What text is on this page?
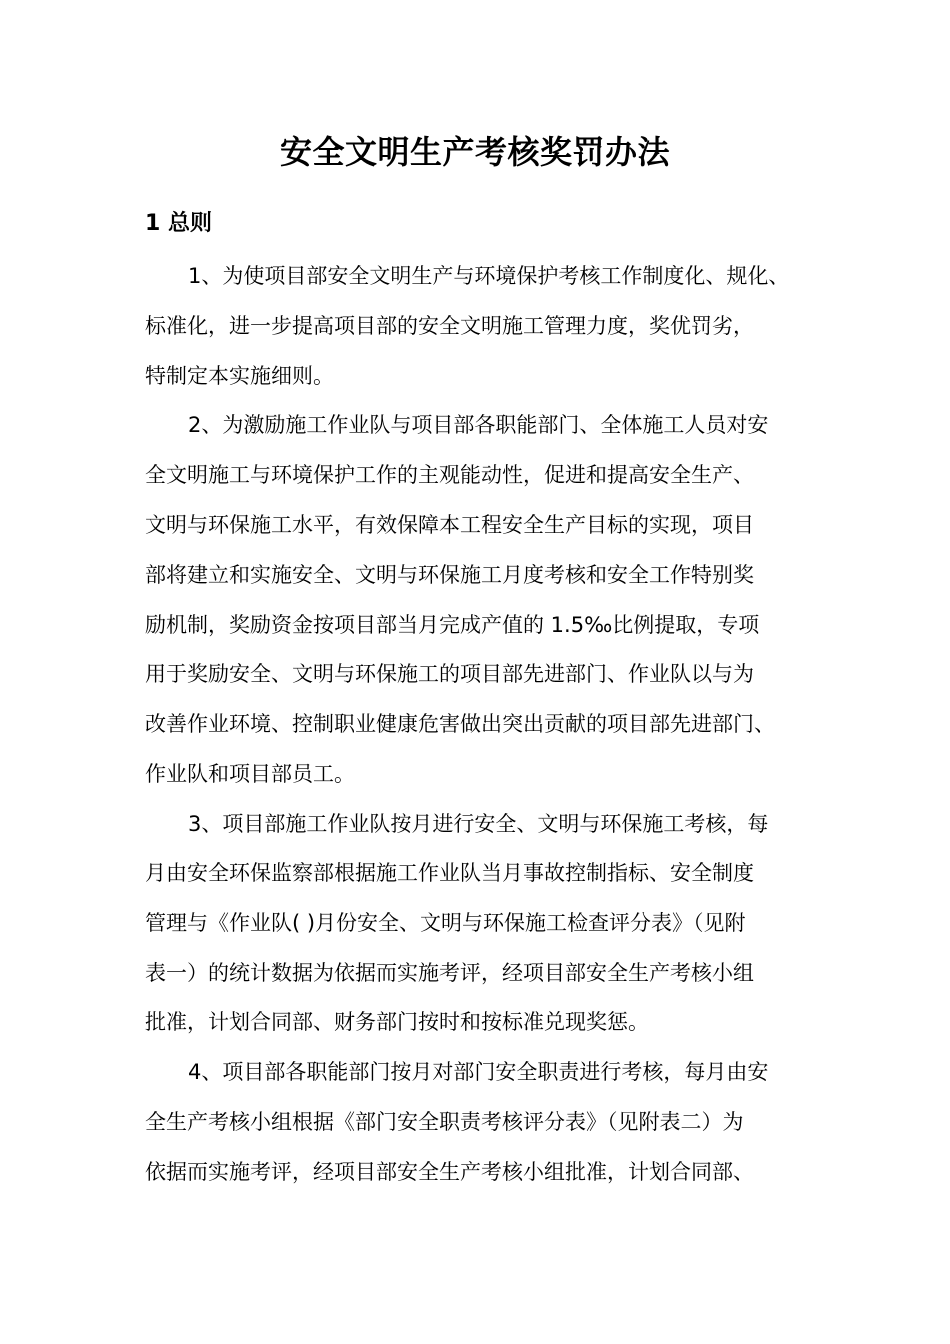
安全文明生产考核奖罚办法
1 总则
1、为使项目部安全文明生产与环境保护考核工作制度化、规化、
标准化，进一步提高项目部的安全文明施工管理力度，奖优罚劣，
特制定本实施细则。
2、为激励施工作业队与项目部各职能部门、全体施工人员对安
全文明施工与环境保护工作的主观能动性，促进和提高安全生产、
文明与环保施工水平，有效保障本工程安全生产目标的实现，项目
部将建立和实施安全、文明与环保施工月度考核和安全工作特别奖
励机制，奖励资金按项目部当月完成产值的 1.5‰比例提取，专项
用于奖励安全、文明与环保施工的项目部先进部门、作业队以与为
改善作业环境、控制职业健康危害做出突出贡献的项目部先进部门、
作业队和项目部员工。
3、项目部施工作业队按月进行安全、文明与环保施工考核，每
月由安全环保监察部根据施工作业队当月事故控制指标、安全制度
管理与《作业队( )月份安全、文明与环保施工检查评分表》（见附
表一）的统计数据为依据而实施考评，经项目部安全生产考核小组
批准，计划合同部、财务部门按时和按标准兑现奖惩。
4、项目部各职能部门按月对部门安全职责进行考核，每月由安
全生产考核小组根据《部门安全职责考核评分表》（见附表二）为
依据而实施考评，经项目部安全生产考核小组批准，计划合同部、
